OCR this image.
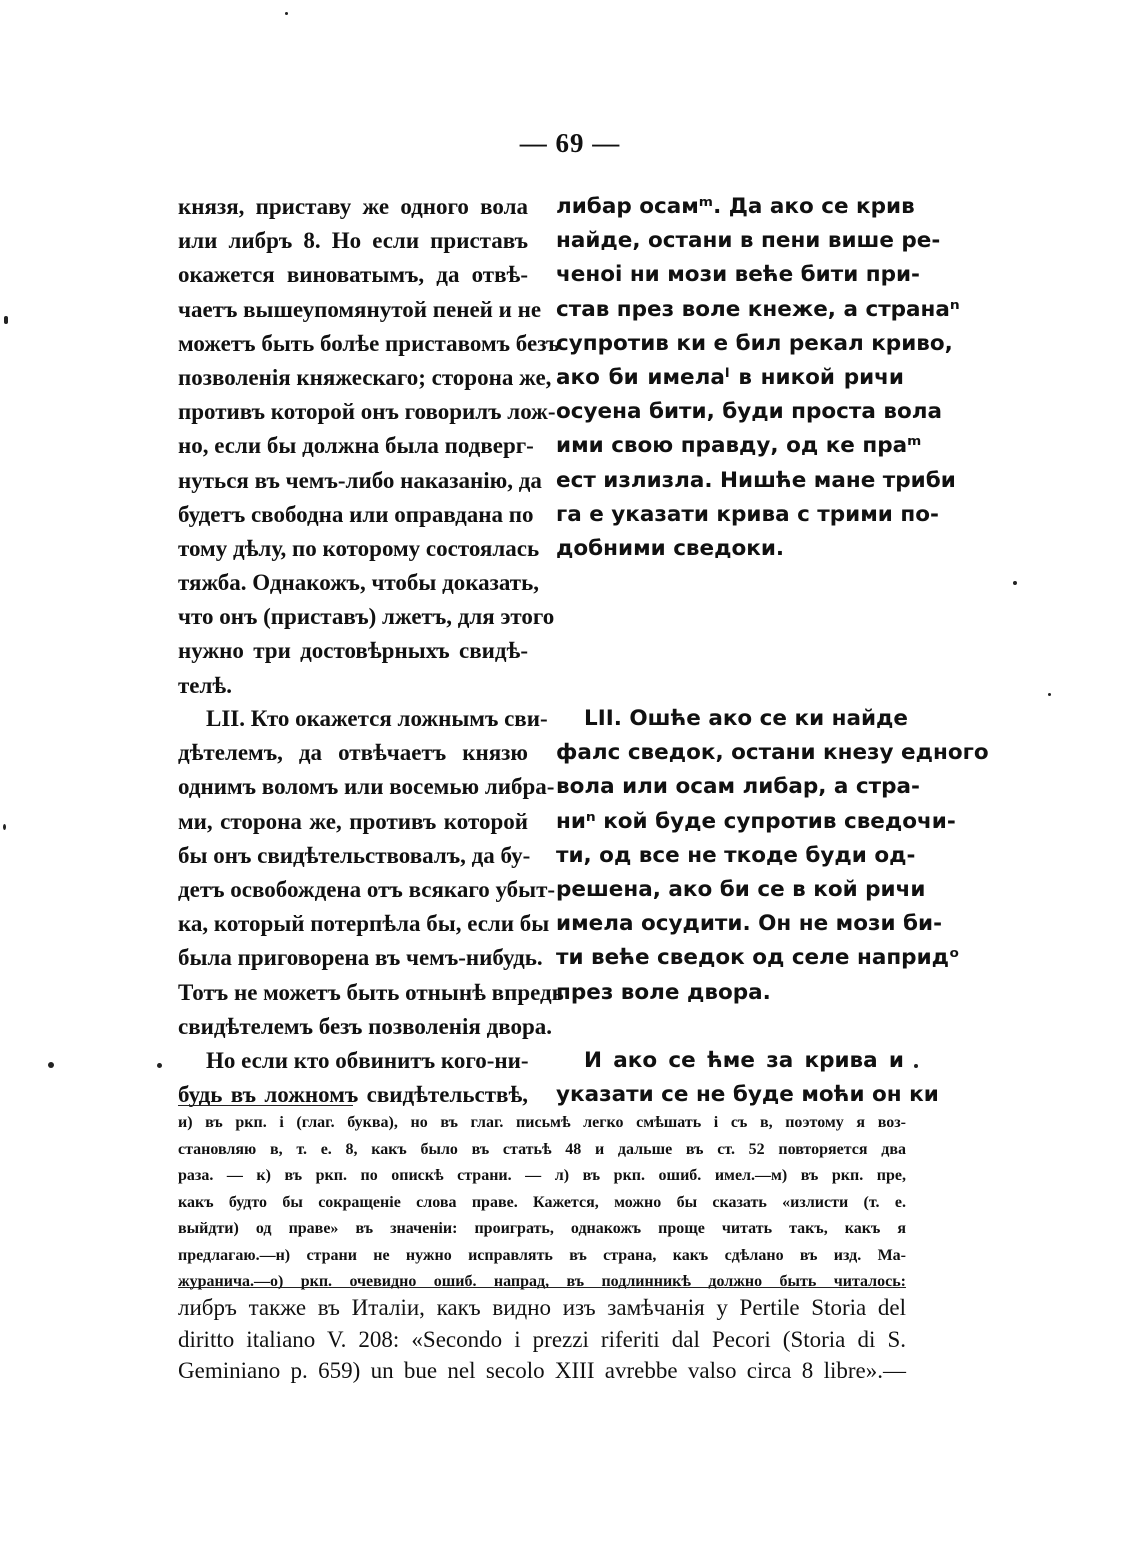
— 69 —
князя, приставу же одного вола
или либръ 8. Но если приставъ
окажется виноватымъ, да отвѣ-
чаетъ вышеупомянутой пеней и не
можетъ быть болѣе приставомъ безъ
позволенія княжескаго; сторона же,
противъ которой онъ говорилъ лож-
но, если бы должна была подверг-
нуться въ чемъ-либо наказанію, да
будетъ свободна или оправдана по
тому дѣлу, по которому состоялась
тяжба. Однакожъ, чтобы доказать,
что онъ (приставъ) лжетъ, для этого
нужно три достовѣрныхъ свидѣ-
телѣ.
LII. Кто окажется ложнымъ сви-
дѣтелемъ, да отвѣчаетъ князю
однимъ воломъ или восемью либра-
ми, сторона же, противъ которой
бы онъ свидѣтельствовалъ, да бу-
детъ освобождена отъ всякаго убыт-
ка, который потерпѣла бы, если бы
была приговорена въ чемъ-нибудь.
Тотъ не можетъ быть отнынѣ впредь
свидѣтелемъ безъ позволенія двора.
Но если кто обвинитъ кого-ни-
будь въ ложномъ свидѣтельствѣ,
либар осамᵐ. Да ако се крив
найде, остани в пени више ре-
ченоі ни мози веће бити при-
став през воле кнеже, а странаⁿ
супротив ки е бил рекал криво,
ако би имелаˡ в никой ричи
осуена бити, буди проста вола
ими свою правду, од ке праᵐ
ест излизла. Нишће мане триби
га е указати крива с трими по-
добними сведоки.
LII. Ошће ако се ки найде
фалс сведок, остани кнезу едного
вола или осам либар, а стра-
ниⁿ кой буде супротив сведочи-
ти, од все не ткоде буди од-
решена, ако би се в кой ричи
имела осудити. Он не мози би-
ти веће сведок од селе напридᵒ
през воле двора.
И ако се ћме за крива и
указати се не буде моћи он ки
и) въ ркп. і (глаг. буква), но въ глаг. письмѣ легко смѣшать і съ в, поэтому я воз-
становляю в, т. е. 8, какъ было въ статьѣ 48 и дальше въ ст. 52 повторяется два
раза. — к) въ ркп. по опискѣ страни. — л) въ ркп. ошиб. имел.—м) въ ркп. пре,
какъ будто бы сокращеніе слова праве. Кажется, можно бы сказать «излисти (т. е.
выйдти) од праве» въ значеніи: проиграть, однакожъ проще читать такъ, какъ я
предлагаю.—н) страни не нужно исправлять въ страна, какъ сдѣлано въ изд. Ма-
журанича.—о) ркп. очевидно ошиб. напрад, въ подлинникѣ должно быть читалось:
либръ также въ Италіи, какъ видно изъ замѣчанія у Pertile Storia del
diritto italiano V. 208: «Secondo i prezzi riferiti dal Pecori (Storia di S.
Geminiano p. 659) un bue nel secolo XIII avrebbe valso circa 8 libre».—
